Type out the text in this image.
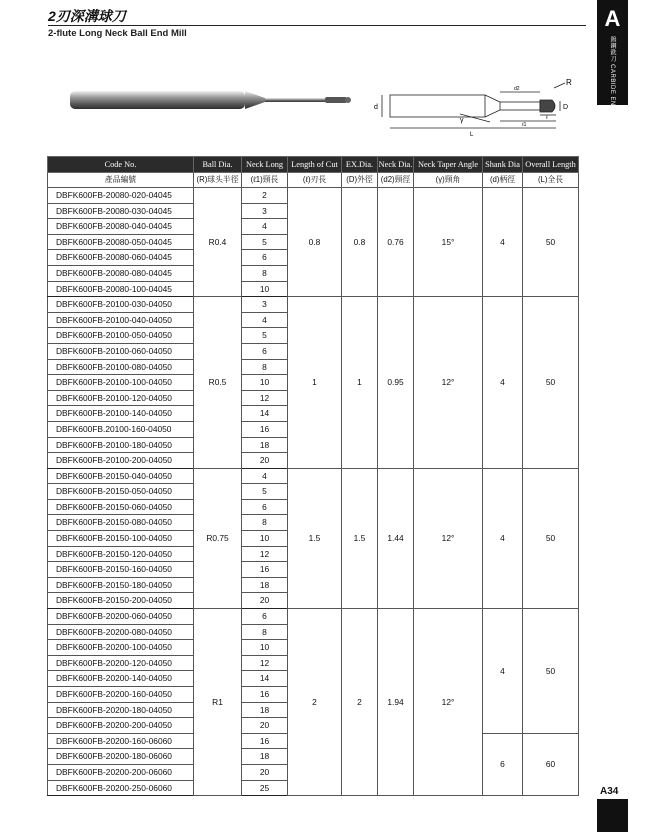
2刃深溝球刀
2-flute Long Neck Ball End Mill
A
鎢鋼銑刀 CARBIDE END MILLS
R
d	D
d2
γ
ℓ1
ℓ
L
Code No.	Ball Dia.	Neck Long	Length of Cut	EX.Dia.	Neck Dia.	Neck Taper Angle	Shank Dia	Overall Length
產品編號	(R)球头半徑	(ℓ1)頸長	(ℓ)刃長	(D)外徑	(d2)頸徑	(γ)頸角	(d)柄徑	(L)全長
DBFK600FB-20080-020-04045	R0.4	2	0.8	0.8	0.76	15°	4	50
DBFK600FB-20080-030-04045		3						
DBFK600FB-20080-040-04045		4						
DBFK600FB-20080-050-04045		5						
DBFK600FB-20080-060-04045		6						
DBFK600FB-20080-080-04045		8						
DBFK600FB-20080-100-04045		10						
DBFK600FB-20100-030-04050	R0.5	3	1	1	0.95	12°	4	50
DBFK600FB-20100-040-04050		4						
DBFK600FB-20100-050-04050		5						
DBFK600FB-20100-060-04050		6						
DBFK600FB-20100-080-04050		8						
DBFK600FB-20100-100-04050		10						
DBFK600FB-20100-120-04050		12						
DBFK600FB-20100-140-04050		14						
DBFK600FB.20100-160-04050		16						
DBFK600FB-20100-180-04050		18						
DBFK600FB-20100-200-04050		20						
DBFK600FB-20150-040-04050	R0.75	4	1.5	1.5	1.44	12°	4	50
DBFK600FB-20150-050-04050		5						
DBFK600FB-20150-060-04050		6						
DBFK600FB-20150-080-04050		8						
DBFK600FB-20150-100-04050		10						
DBFK600FB-20150-120-04050		12						
DBFK600FB-20150-160-04050		16						
DBFK600FB-20150-180-04050		18						
DBFK600FB-20150-200-04050		20						
DBFK600FB-20200-060-04050	R1	6	2	2	1.94	12°	4	50
DBFK600FB-20200-080-04050		8						
DBFK600FB-20200-100-04050		10						
DBFK600FB-20200-120-04050		12						
DBFK600FB-20200-140-04050		14						
DBFK600FB-20200-160-04050		16						
DBFK600FB-20200-180-04050		18						
DBFK600FB-20200-200-04050		20						
DBFK600FB-20200-160-06060		16					6	60
DBFK600FB-20200-180-06060		18						
DBFK600FB-20200-200-06060		20						
DBFK600FB-20200-250-06060		25							A34
